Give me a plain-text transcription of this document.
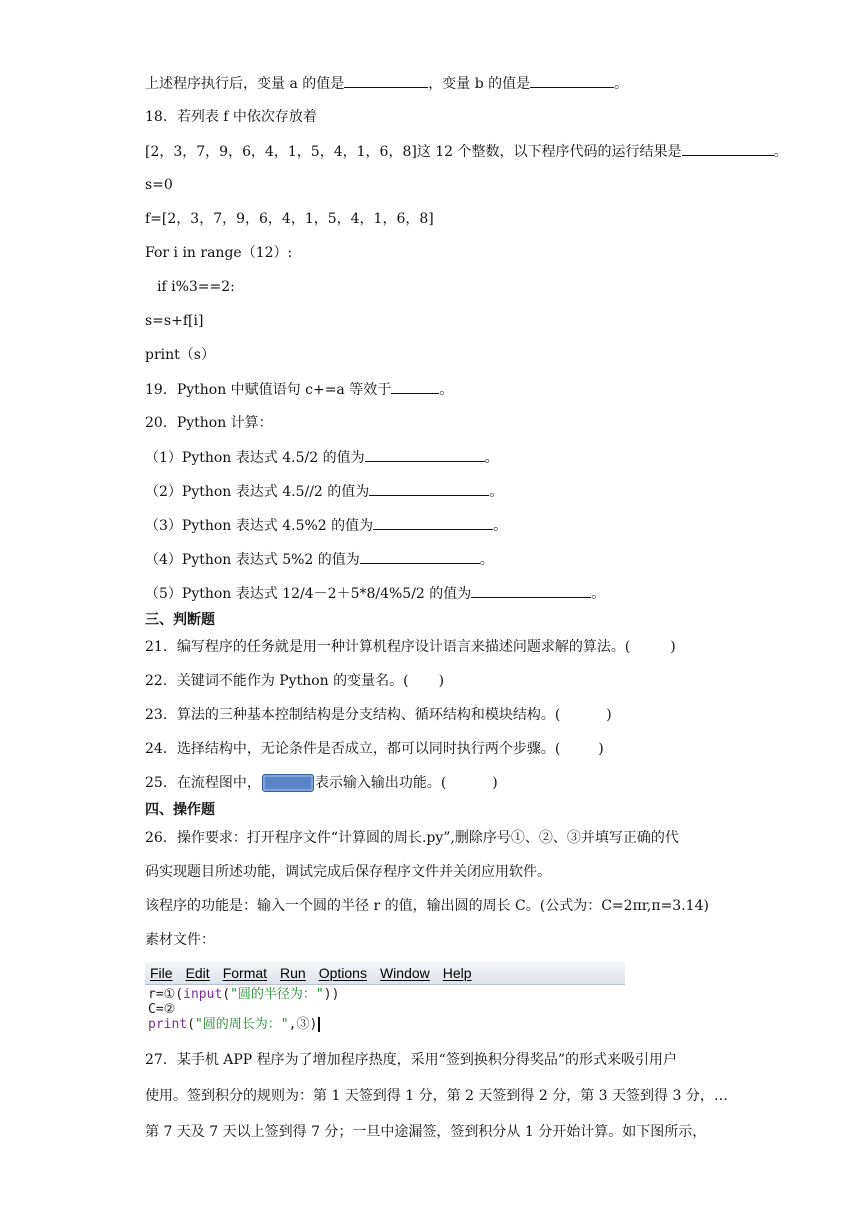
上述程序执行后，变量 a 的值是	，变量 b 的值是	。
18．若列表 f 中依次存放着
[2，3，7，9，6，4，1，5，4，1，6，8]这 12 个整数，以下程序代码的运行结果是	。
s=0
f=[2，3，7，9，6，4，1，5，4，1，6，8]
For i in range（12）:
if i%3==2:
s=s+f[i]
print（s）
19．Python 中赋值语句 c+=a 等效于	。
20．Python 计算：
（1）Python 表达式 4.5/2 的值为	。
（2）Python 表达式 4.5//2 的值为	。
（3）Python 表达式 4.5%2 的值为	。
（4）Python 表达式 5%2 的值为	。
（5）Python 表达式 12/4－2＋5*8/4%5/2 的值为	。
三、判断题
21．编写程序的任务就是用一种计算机程序设计语言来描述问题求解的算法。(	)
22．关键词不能作为 Python 的变量名。( )
23．算法的三种基本控制结构是分支结构、循环结构和模块结构。(	)
24．选择结构中，无论条件是否成立，都可以同时执行两个步骤。(	)
25．在流程图中，	表示输入输出功能。(	)
四、操作题
26．操作要求：打开程序文件“计算圆的周长.py”,删除序号①、②、③并填写正确的代
码实现题目所述功能，调试完成后保存程序文件并关闭应用软件。
该程序的功能是：输入一个圆的半径 r 的值，输出圆的周长 C。(公式为：C=2πr,π=3.14)
素材文件：
File Edit Format Run Options Window Help
r=①(input("圆的半径为："))
C=②
print("圆的周长为：",③)
27．某手机 APP 程序为了增加程序热度，采用“签到换积分得奖品”的形式来吸引用户
使用。签到积分的规则为：第 1 天签到得 1 分，第 2 天签到得 2 分，第 3 天签到得 3 分，…
第 7 天及 7 天以上签到得 7 分；一旦中途漏签，签到积分从 1 分开始计算。如下图所示，
